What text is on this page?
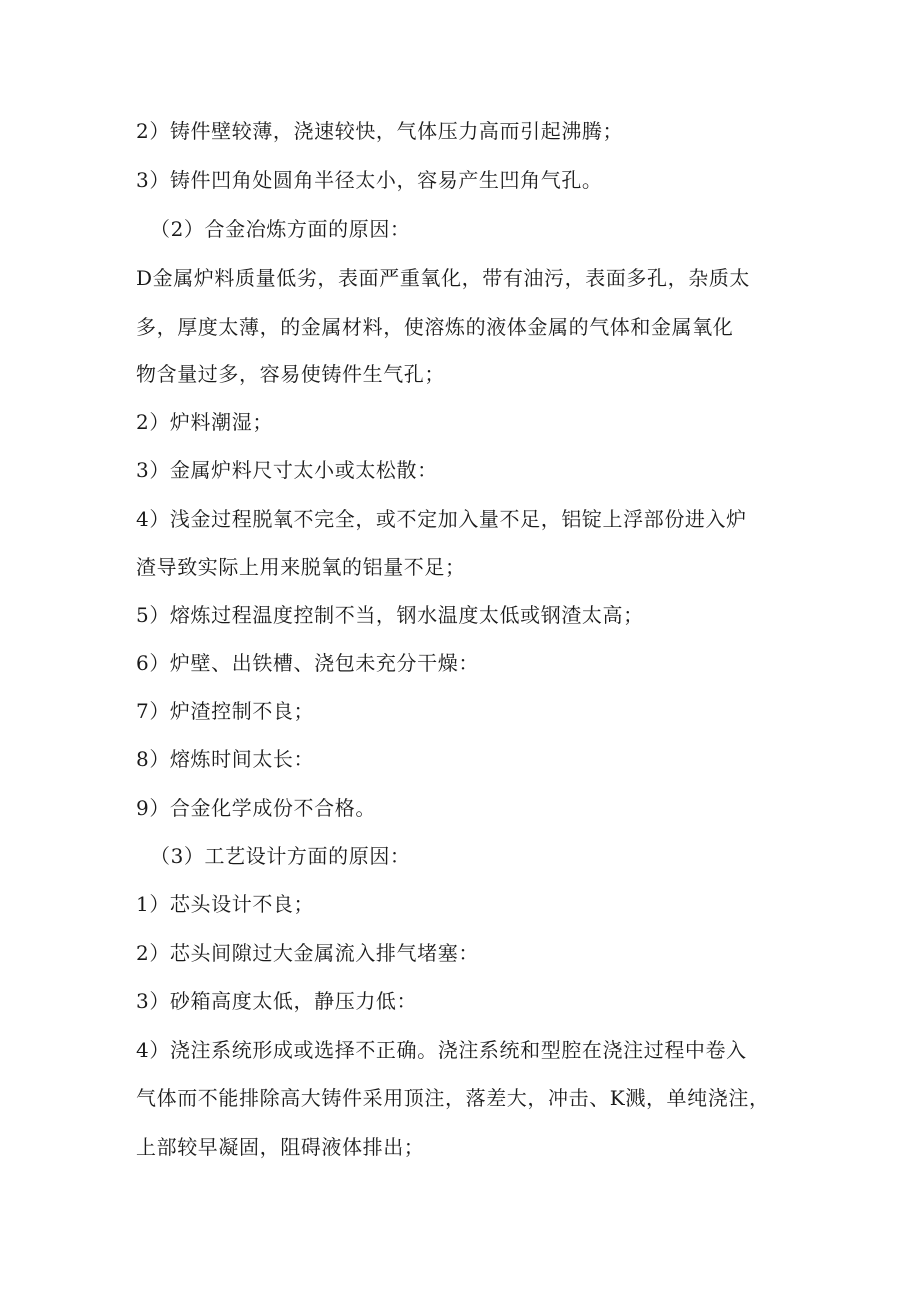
2）铸件壁较薄，浇速较快，气体压力高而引起沸腾；
3）铸件凹角处圆角半径太小，容易产生凹角气孔。
（2）合金冶炼方面的原因：
D金属炉料质量低劣，表面严重氧化，带有油污，表面多孔，杂质太
多，厚度太薄，的金属材料，使溶炼的液体金属的气体和金属氧化
物含量过多，容易使铸件生气孔；
2）炉料潮湿；
3）金属炉料尺寸太小或太松散：
4）浅金过程脱氧不完全，或不定加入量不足，铝锭上浮部份进入炉
渣导致实际上用来脱氧的铝量不足；
5）熔炼过程温度控制不当，钢水温度太低或钢渣太高；
6）炉壁、出铁槽、浇包未充分干燥：
7）炉渣控制不良；
8）熔炼时间太长：
9）合金化学成份不合格。
（3）工艺设计方面的原因：
1）芯头设计不良；
2）芯头间隙过大金属流入排气堵塞：
3）砂箱高度太低，静压力低：
4）浇注系统形成或选择不正确。浇注系统和型腔在浇注过程中卷入
气体而不能排除高大铸件采用顶注，落差大，冲击、K溅，单纯浇注，
上部较早凝固，阻碍液体排出；
